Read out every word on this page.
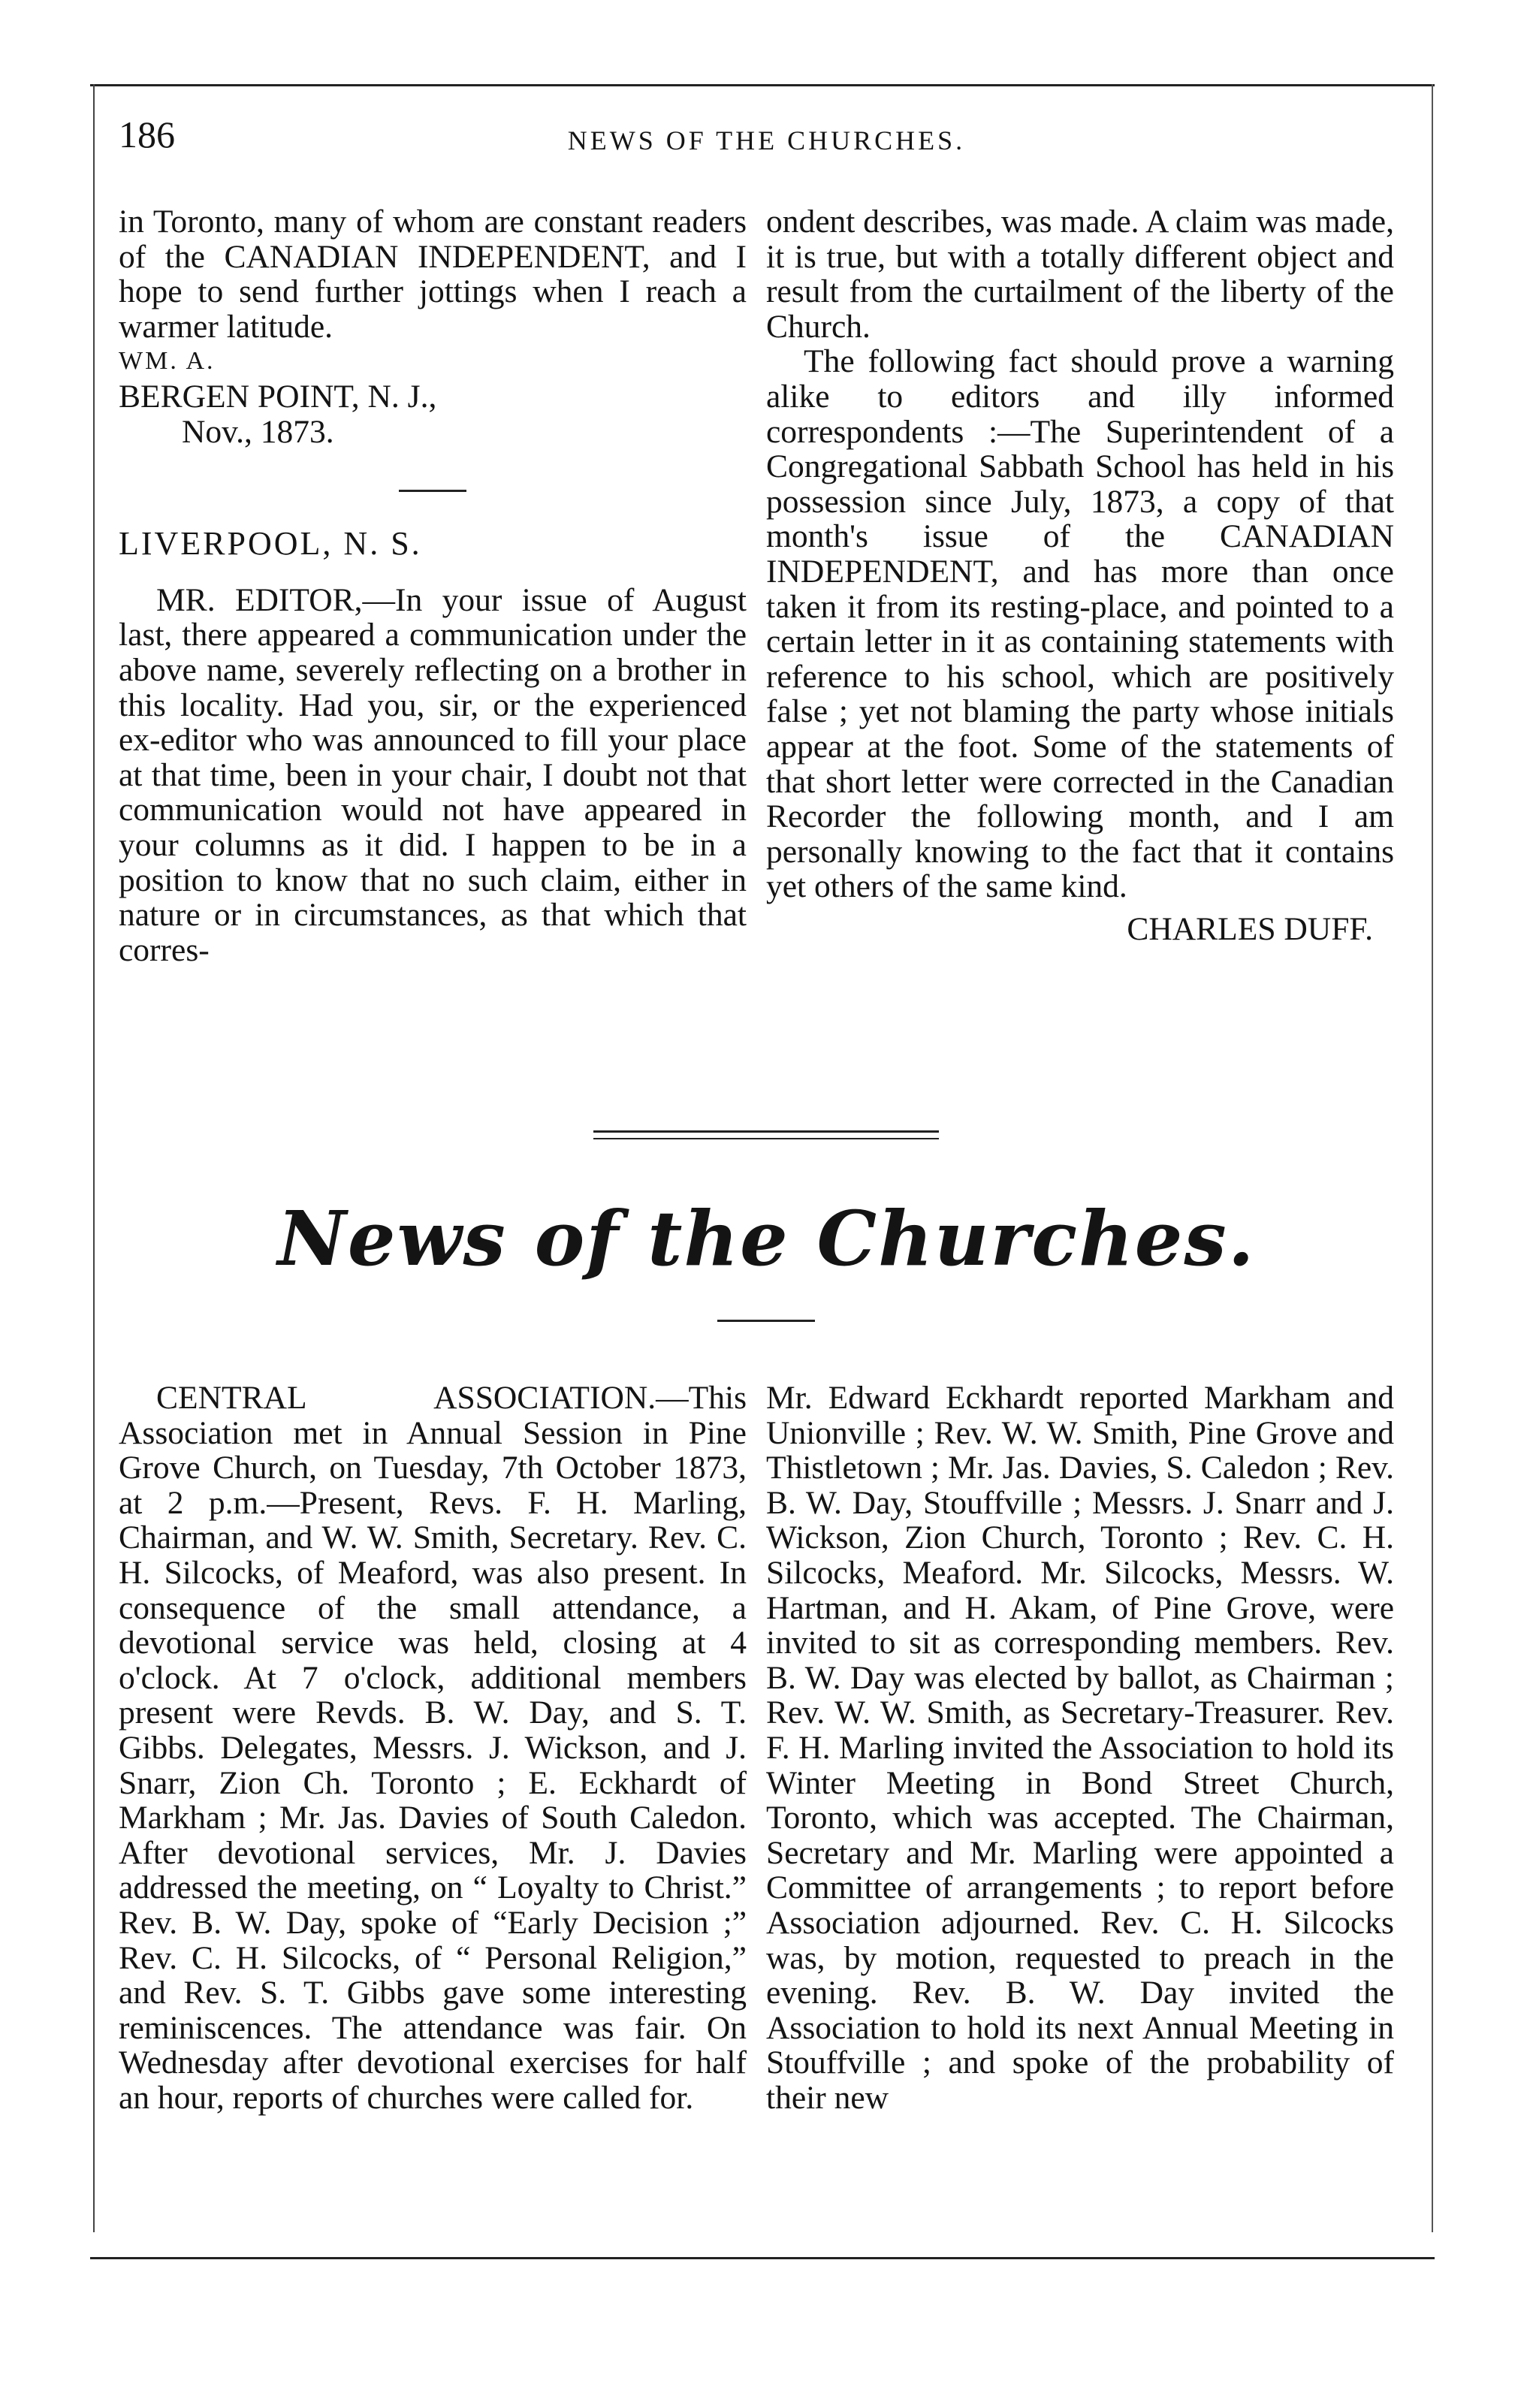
186	NEWS OF THE CHURCHES.

in Toronto, many of whom are constant readers of the CANADIAN INDEPENDENT, and I hope to send further jottings when I reach a warmer latitude.

WM. A.

BERGEN POINT, N. J.,

Nov., 1873.

LIVERPOOL, N. S.

MR. EDITOR,—In your issue of August last, there appeared a communication under the above name, severely reflecting on a brother in this locality. Had you, sir, or the experienced ex-editor who was announced to fill your place at that time, been in your chair, I doubt not that communication would not have appeared in your columns as it did. I happen to be in a position to know that no such claim, either in nature or in circumstances, as that which that corres-

ondent describes, was made. A claim was made, it is true, but with a totally different object and result from the curtailment of the liberty of the Church.

The following fact should prove a warning alike to editors and illy informed correspondents :—The Superintendent of a Congregational Sabbath School has held in his possession since July, 1873, a copy of that month's issue of the CANADIAN INDEPENDENT, and has more than once taken it from its resting-place, and pointed to a certain letter in it as containing statements with reference to his school, which are positively false ; yet not blaming the party whose initials appear at the foot. Some of the statements of that short letter were corrected in the Canadian Recorder the following month, and I am personally knowing to the fact that it contains yet others of the same kind.

CHARLES DUFF.

News of the Churches.

CENTRAL ASSOCIATION.—This Association met in Annual Session in Pine Grove Church, on Tuesday, 7th October 1873, at 2 p.m.—Present, Revs. F. H. Marling, Chairman, and W. W. Smith, Secretary. Rev. C. H. Silcocks, of Meaford, was also present. In consequence of the small attendance, a devotional service was held, closing at 4 o'clock. At 7 o'clock, additional members present were Revds. B. W. Day, and S. T. Gibbs. Delegates, Messrs. J. Wickson, and J. Snarr, Zion Ch. Toronto ; E. Eckhardt of Markham ; Mr. Jas. Davies of South Caledon. After devotional services, Mr. J. Davies addressed the meeting, on “ Loyalty to Christ.” Rev. B. W. Day, spoke of “Early Decision ;” Rev. C. H. Silcocks, of “ Personal Religion,” and Rev. S. T. Gibbs gave some interesting reminiscences. The attendance was fair. On Wednesday after devotional exercises for half an hour, reports of churches were called for.

Mr. Edward Eckhardt reported Markham and Unionville ; Rev. W. W. Smith, Pine Grove and Thistletown ; Mr. Jas. Davies, S. Caledon ; Rev. B. W. Day, Stouffville ; Messrs. J. Snarr and J. Wickson, Zion Church, Toronto ; Rev. C. H. Silcocks, Meaford. Mr. Silcocks, Messrs. W. Hartman, and H. Akam, of Pine Grove, were invited to sit as corresponding members. Rev. B. W. Day was elected by ballot, as Chairman ; Rev. W. W. Smith, as Secretary-Treasurer. Rev. F. H. Marling invited the Association to hold its Winter Meeting in Bond Street Church, Toronto, which was accepted. The Chairman, Secretary and Mr. Marling were appointed a Committee of arrangements ; to report before Association adjourned. Rev. C. H. Silcocks was, by motion, requested to preach in the evening. Rev. B. W. Day invited the Association to hold its next Annual Meeting in Stouffville ; and spoke of the probability of their new
